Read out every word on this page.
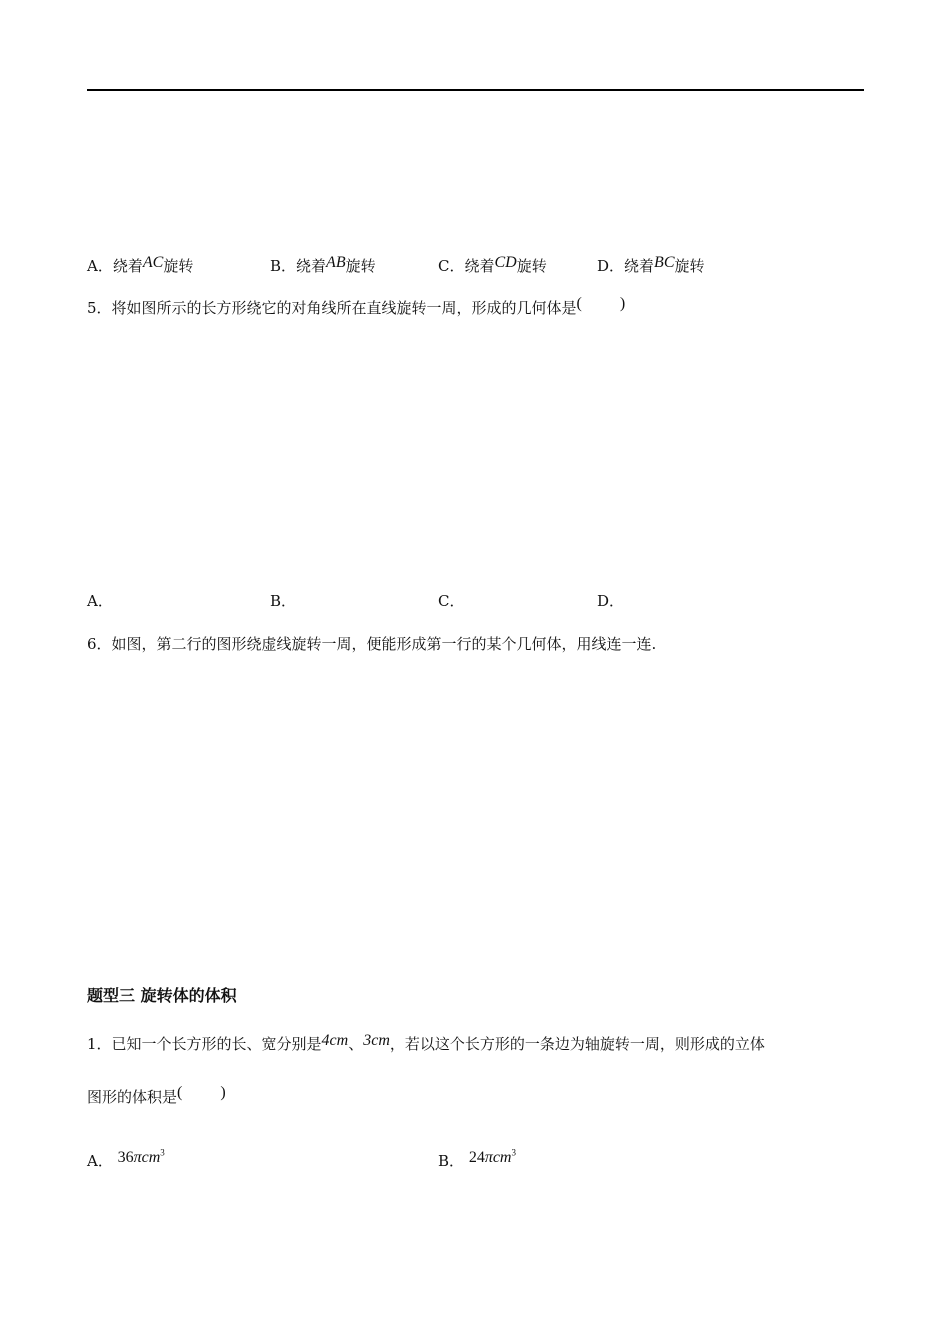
A．绕着AC旋转	B．绕着AB旋转	C．绕着CD旋转	D．绕着BC旋转
5．将如图所示的长方形绕它的对角线所在直线旋转一周，形成的几何体是( )
A．	B．	C．	D．
6．如图，第二行的图形绕虚线旋转一周，便能形成第一行的某个几何体，用线连一连.
题型三 旋转体的体积
1．已知一个长方形的长、宽分别是4cm、3cm，若以这个长方形的一条边为轴旋转一周，则形成的立体
图形的体积是( )
A． 36πcm$^3$	B． 24πcm$^3$
